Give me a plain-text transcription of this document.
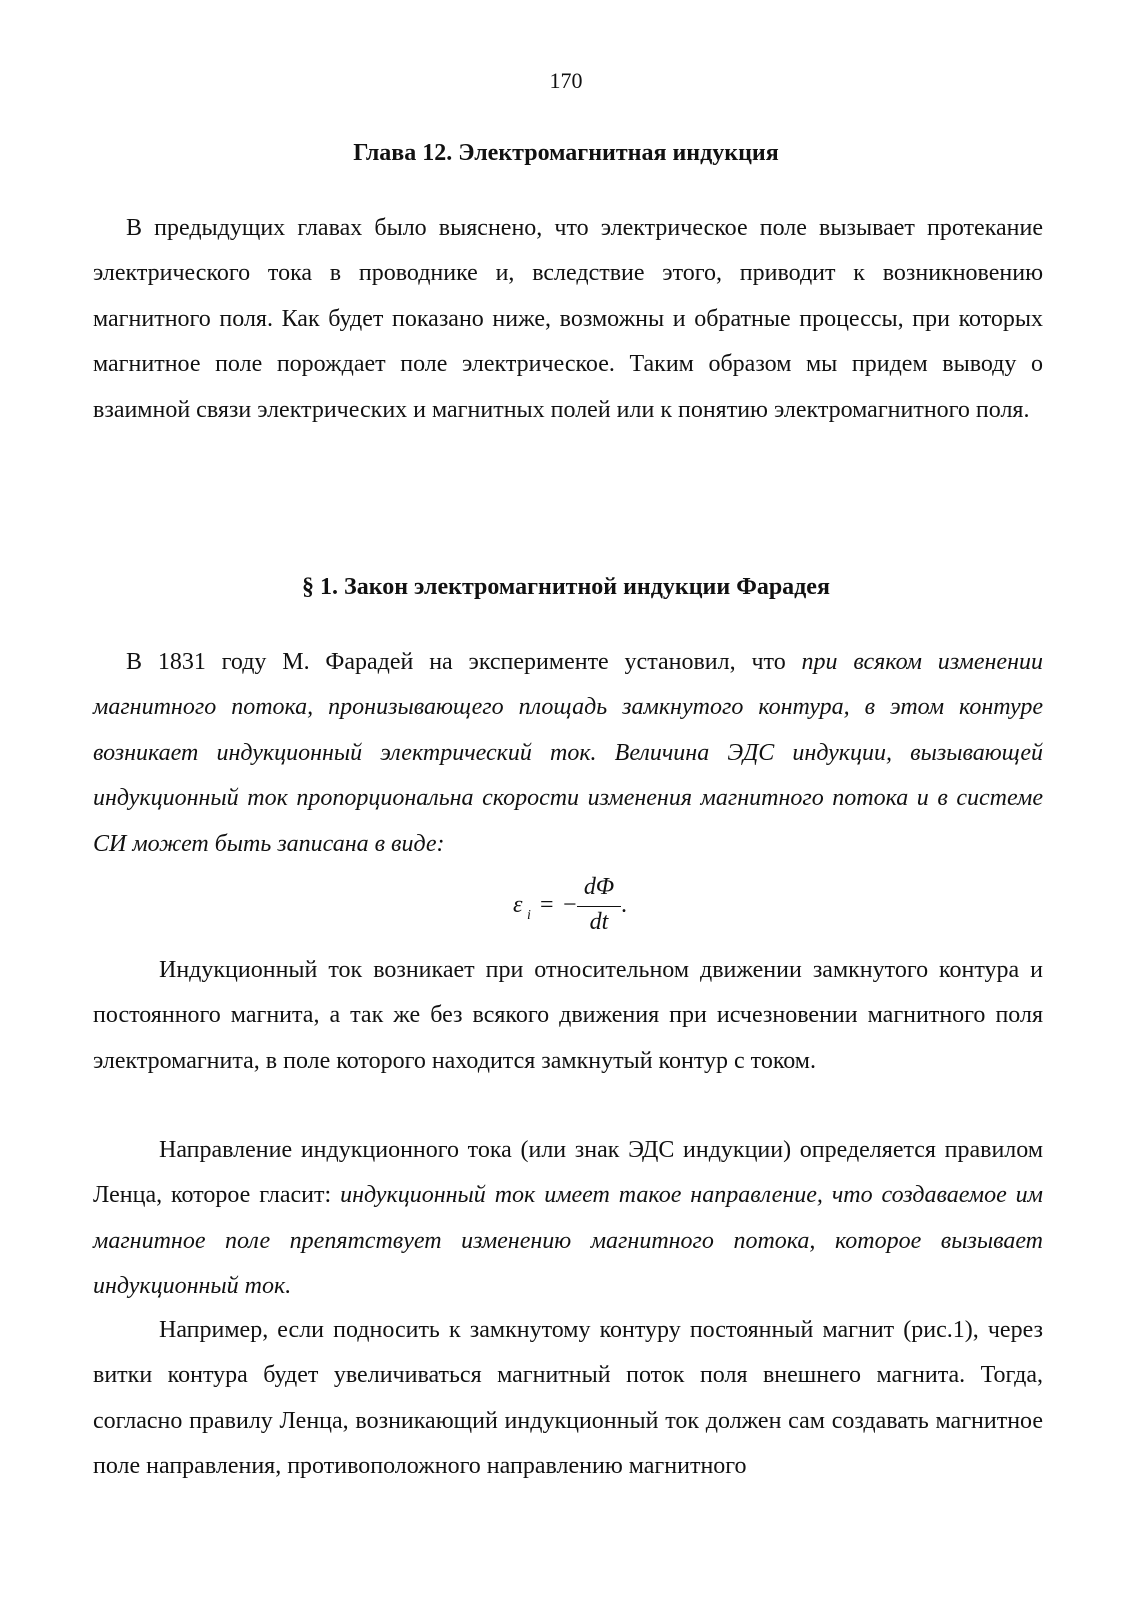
170
Глава 12. Электромагнитная индукция

В предыдущих главах было выяснено, что электрическое поле вызывает протекание электрического тока в проводнике и, вследствие этого, приводит к возникновению магнитного поля. Как будет показано ниже, возможны и обратные процессы, при которых магнитное поле порождает поле электрическое. Таким образом мы придем выводу о взаимной связи электрических и магнитных полей или к понятию электромагнитного поля.

§ 1. Закон электромагнитной индукции Фарадея

В 1831 году М. Фарадей на эксперименте установил, что при всяком изменении магнитного потока, пронизывающего площадь замкнутого контура, в этом контуре возникает индукционный электрический ток. Величина ЭДС индукции, вызывающей индукционный ток пропорциональна скорости изменения магнитного потока и в системе СИ может быть записана в виде:

ε i = −
dΦ
dt
.

Индукционный ток возникает при относительном движении замкнутого контура и постоянного магнита, а так же без всякого движения при исчезновении магнитного поля электромагнита, в поле которого находится замкнутый контур с током.

Направление индукционного тока (или знак ЭДС индукции) определяется правилом Ленца, которое гласит: индукционный ток имеет такое направление, что создаваемое им магнитное поле препятствует изменению магнитного потока, которое вызывает индукционный ток.

Например, если подносить к замкнутому контуру постоянный магнит (рис.1), через витки контура будет увеличиваться магнитный поток поля внешнего магнита. Тогда, согласно правилу Ленца, возникающий индукционный ток должен сам создавать магнитное поле направления, противоположного направлению магнитного
